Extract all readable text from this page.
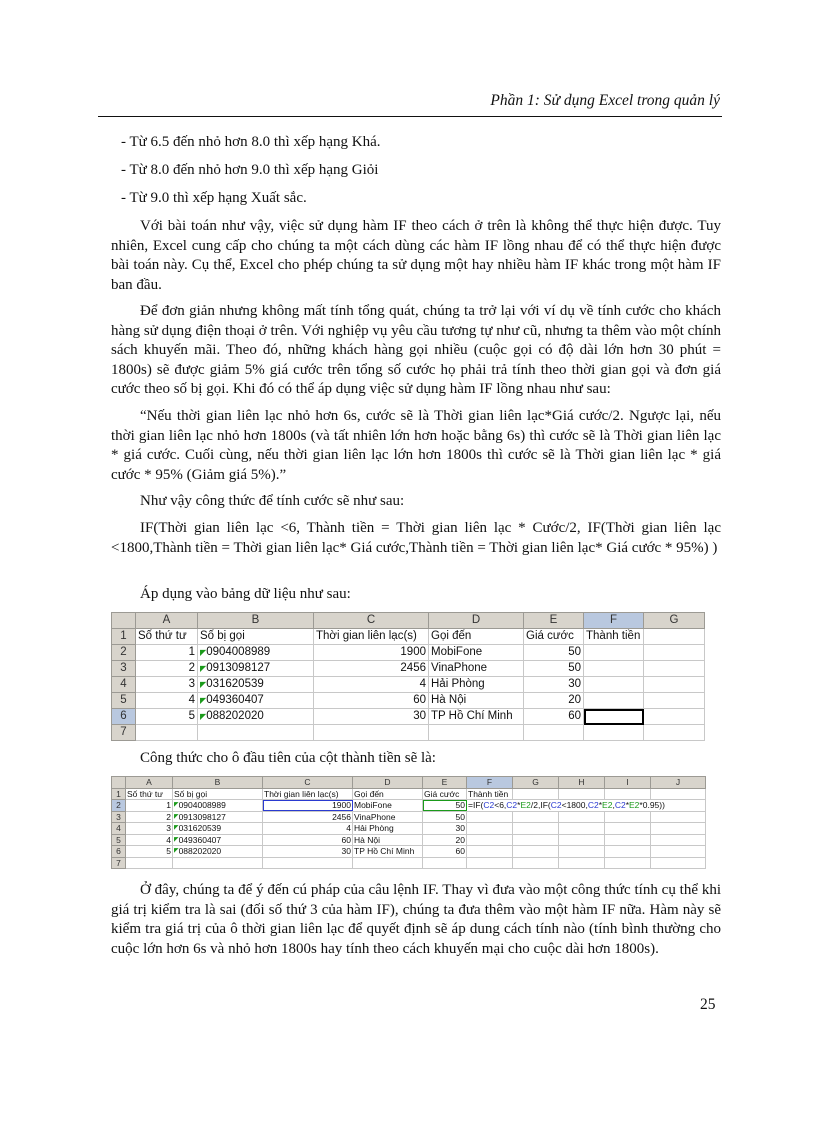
Phần 1: Sử dụng Excel trong quản lý
- Từ 6.5 đến nhỏ hơn 8.0 thì xếp hạng Khá.
- Từ 8.0 đến nhỏ hơn 9.0 thì xếp hạng Giỏi
- Từ 9.0 thì xếp hạng Xuất sắc.
Với bài toán như vậy, việc sử dụng hàm IF theo cách ở trên là không thể thực hiện được. Tuy nhiên, Excel cung cấp cho chúng ta một cách dùng các hàm IF lồng nhau để có thể thực hiện được bài toán này. Cụ thể, Excel cho phép chúng ta sử dụng một hay nhiều hàm IF khác trong một hàm IF ban đầu.
Để đơn giản nhưng không mất tính tổng quát, chúng ta trở lại với ví dụ về tính cước cho khách hàng sử dụng điện thoại ở trên. Với nghiệp vụ yêu cầu tương tự như cũ, nhưng ta thêm vào một chính sách khuyến mãi. Theo đó, những khách hàng gọi nhiều (cuộc gọi có độ dài lớn hơn 30 phút = 1800s) sẽ được giảm 5% giá cước trên tổng số cước họ phải trả tính theo thời gian gọi và đơn giá cước theo số bị gọi. Khi đó có thể áp dụng việc sử dụng hàm IF lồng nhau như sau:
“Nếu thời gian liên lạc nhỏ hơn 6s, cước sẽ là Thời gian liên lạc*Giá cước/2. Ngược lại, nếu thời gian liên lạc nhỏ hơn 1800s (và tất nhiên lớn hơn hoặc bằng 6s) thì cước sẽ là Thời gian liên lạc * giá cước. Cuối cùng, nếu thời gian liên lạc lớn hơn 1800s thì cước sẽ là Thời gian liên lạc * giá cước * 95% (Giảm giá 5%).”
Như vậy công thức để tính cước sẽ như sau:
IF(Thời gian liên lạc <6, Thành tiền = Thời gian liên lạc * Cước/2, IF(Thời gian liên lạc <1800,Thành tiền = Thời gian liên lạc* Giá cước,Thành tiền = Thời gian liên lạc* Giá cước * 95%) )
Áp dụng vào bảng dữ liệu như sau:
	A	B	C	D	E	F	G
1	Số thứ tư	Số bị gọi	Thời gian liên lạc(s)	Gọi đến	Giá cước	Thành tiền	
2	1	◤0904008989	1900	MobiFone	50		
3	2	◤0913098127	2456	VinaPhone	50		
4	3	◤031620539	4	Hải Phòng	30		
5	4	◤049360407	60	Hà Nội	20		
6	5	◤088202020	30	TP Hồ Chí Minh	60		
7							
Công thức cho ô đầu tiên của cột thành tiền sẽ là:
	A	B	C	D	E	F	G	H	I	J
1	Số thứ tư	Số bị gọi	Thời gian liên lạc(s)	Gọi đến	Giá cước	Thành tiền				
2	1	◤0904008989	1900	MobiFone	50	=IF(C2<6,C2*E2/2,IF(C2<1800,C2*E2,C2*E2*0.95))				
3	2	◤0913098127	2456	VinaPhone	50					
4	3	◤031620539	4	Hải Phòng	30					
5	4	◤049360407	60	Hà Nội	20					
6	5	◤088202020	30	TP Hồ Chí Minh	60					
7										
Ở đây, chúng ta để ý đến cú pháp của câu lệnh IF. Thay vì đưa vào một công thức tính cụ thể khi giá trị kiểm tra là sai (đối số thứ 3 của hàm IF), chúng ta đưa thêm vào một hàm IF nữa. Hàm này sẽ kiểm tra giá trị của ô thời gian liên lạc để quyết định sẽ áp dung cách tính nào (tính bình thường cho cuộc lớn hơn 6s và nhỏ hơn 1800s hay tính theo cách khuyến mại cho cuộc dài hơn 1800s).
25
